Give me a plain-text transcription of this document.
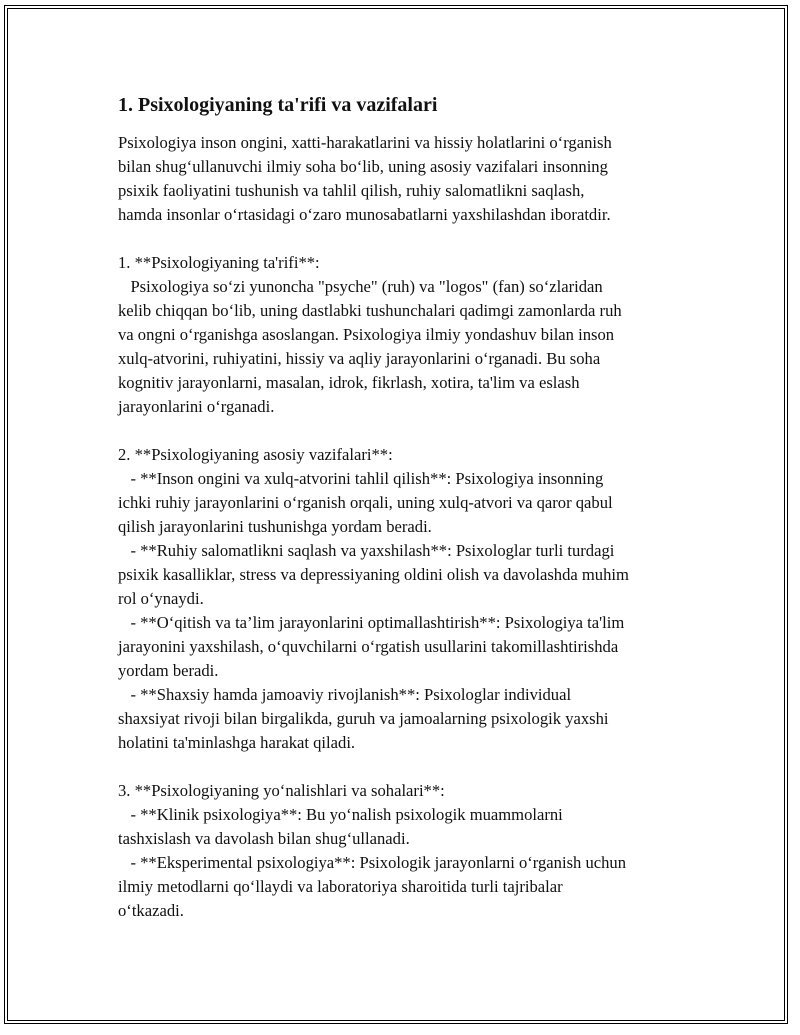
1. Psixologiyaning ta'rifi va vazifalari
Psixologiya inson ongini, xatti-harakatlarini va hissiy holatlarini o‘rganish
bilan shug‘ullanuvchi ilmiy soha bo‘lib, uning asosiy vazifalari insonning
psixik faoliyatini tushunish va tahlil qilish, ruhiy salomatlikni saqlash,
hamda insonlar o‘rtasidagi o‘zaro munosabatlarni yaxshilashdan iboratdir.
1. **Psixologiyaning ta'rifi**:
Psixologiya so‘zi yunoncha "psyche" (ruh) va "logos" (fan) so‘zlaridan
kelib chiqqan bo‘lib, uning dastlabki tushunchalari qadimgi zamonlarda ruh
va ongni o‘rganishga asoslangan. Psixologiya ilmiy yondashuv bilan inson
xulq-atvorini, ruhiyatini, hissiy va aqliy jarayonlarini o‘rganadi. Bu soha
kognitiv jarayonlarni, masalan, idrok, fikrlash, xotira, ta'lim va eslash
jarayonlarini o‘rganadi.
2. **Psixologiyaning asosiy vazifalari**:
- **Inson ongini va xulq-atvorini tahlil qilish**: Psixologiya insonning
ichki ruhiy jarayonlarini o‘rganish orqali, uning xulq-atvori va qaror qabul
qilish jarayonlarini tushunishga yordam beradi.
- **Ruhiy salomatlikni saqlash va yaxshilash**: Psixologlar turli turdagi
psixik kasalliklar, stress va depressiyaning oldini olish va davolashda muhim
rol o‘ynaydi.
- **O‘qitish va ta’lim jarayonlarini optimallashtirish**: Psixologiya ta'lim
jarayonini yaxshilash, o‘quvchilarni o‘rgatish usullarini takomillashtirishda
yordam beradi.
- **Shaxsiy hamda jamoaviy rivojlanish**: Psixologlar individual
shaxsiyat rivoji bilan birgalikda, guruh va jamoalarning psixologik yaxshi
holatini ta'minlashga harakat qiladi.
3. **Psixologiyaning yo‘nalishlari va sohalari**:
- **Klinik psixologiya**: Bu yo‘nalish psixologik muammolarni
tashxislash va davolash bilan shug‘ullanadi.
- **Eksperimental psixologiya**: Psixologik jarayonlarni o‘rganish uchun
ilmiy metodlarni qo‘llaydi va laboratoriya sharoitida turli tajribalar
o‘tkazadi.
